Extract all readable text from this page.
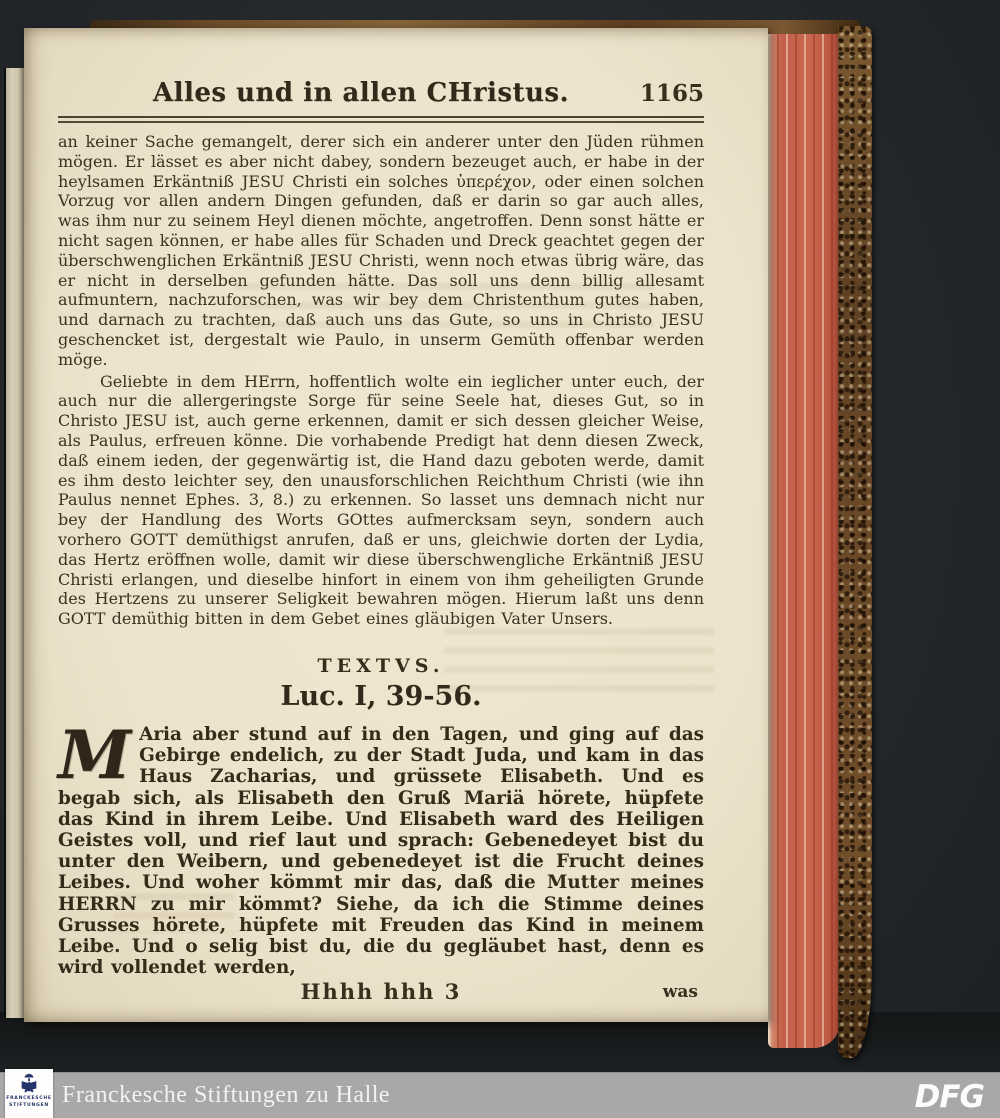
Alles und in allen CHristus.	1165

an keiner Sache gemangelt, derer sich ein anderer unter den Jüden rühmen mögen. Er lässet es aber nicht dabey, sondern bezeuget auch, er habe in der heylsamen Erkäntniß JESU Christi ein solches ὑπερέχον, oder einen solchen Vorzug vor allen andern Dingen gefunden, daß er darin so gar auch alles, was ihm nur zu seinem Heyl dienen möchte, angetroffen. Denn sonst hätte er nicht sagen können, er habe alles für Schaden und Dreck geachtet gegen der überschwenglichen Erkäntniß JESU Christi, wenn noch etwas übrig wäre, das er nicht in derselben gefunden hätte. Das soll uns denn billig allesamt aufmuntern, nachzuforschen, was wir bey dem Christenthum gutes haben, und darnach zu trachten, daß auch uns das Gute, so uns in Christo JESU geschencket ist, dergestalt wie Paulo, in unserm Gemüth offenbar werden möge.

Geliebte in dem HErrn, hoffentlich wolte ein ieglicher unter euch, der auch nur die allergeringste Sorge für seine Seele hat, dieses Gut, so in Christo JESU ist, auch gerne erkennen, damit er sich dessen gleicher Weise, als Paulus, erfreuen könne. Die vorhabende Predigt hat denn diesen Zweck, daß einem ieden, der gegenwärtig ist, die Hand dazu geboten werde, damit es ihm desto leichter sey, den unausforschlichen Reichthum Christi (wie ihn Paulus nennet Ephes. 3, 8.) zu erkennen. So lasset uns demnach nicht nur bey der Handlung des Worts GOttes aufmercksam seyn, sondern auch vorhero GOTT demüthigst anrufen, daß er uns, gleichwie dorten der Lydia, das Hertz eröffnen wolle, damit wir diese überschwengliche Erkäntniß JESU Christi erlangen, und dieselbe hinfort in einem von ihm geheiligten Grunde des Hertzens zu unserer Seligkeit bewahren mögen. Hierum laßt uns denn GOTT demüthig bitten in dem Gebet eines gläubigen Vater Unsers.

TEXTVS.
Luc. I, 39-56.

M Aria aber stund auf in den Tagen, und ging auf das Gebirge endelich, zu der Stadt Juda, und kam in das Haus Zacharias, und grüssete Elisabeth. Und es begab sich, als Elisabeth den Gruß Mariä hörete, hüpfete das Kind in ihrem Leibe. Und Elisabeth ward des Heiligen Geistes voll, und rief laut und sprach: Gebenedeyet bist du unter den Weibern, und gebenedeyet ist die Frucht deines Leibes. Und woher kömmt mir das, daß die Mutter meines HERRN zu mir kömmt? Siehe, da ich die Stimme deines Grusses hörete, hüpfete mit Freuden das Kind in meinem Leibe. Und o selig bist du, die du gegläubet hast, denn es wird vollendet werden,

Hhhh hhh 3	was
FRANCKESCHE
STIFTUNGEN Franckesche Stiftungen zu Halle	DFG
